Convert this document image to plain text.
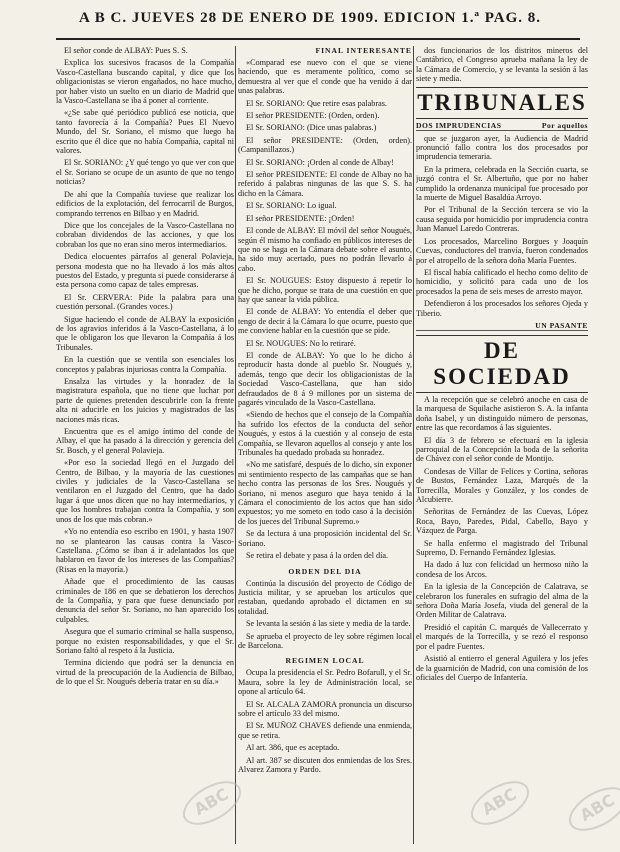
A B C. JUEVES 28 DE ENERO DE 1909. EDICION 1.ª PAG. 8.

El señor conde de ALBAY: Pues S. S.

Explica los sucesivos fracasos de la Compañía Vasco-Castellana buscando capital, y dice que los obligacionistas se vieron engañados, no hace mucho, por haber visto un suelto en un diario de Madrid que la Vasco-Castellana se iba á poner al corriente.

«¿Se sabe qué periódico publicó ese noticia, que tanto favorecía á la Compañía? Pues El Nuevo Mundo, del Sr. Soriano, el mismo que luego ha escrito que él dice que no había Compañía, capital ni valores.

El Sr. SORIANO: ¿Y qué tengo yo que ver con que el Sr. Soriano se ocupe de un asunto de que no tengo noticias?

De ahí que la Compañía tuviese que realizar los edificios de la explotación, del ferrocarril de Burgos, comprando terrenos en Bilbao y en Madrid.

Dice que los concejales de la Vasco-Castellana no cobraban dividendos de las acciones, y que los cobraban los que no eran sino meros intermediarios.

Dedica elocuentes párrafos al general Polavieja, persona modesta que no ha llevado á los más altos puestos del Estado, y pregunta si puede considerarse á esta persona como capaz de tales empresas.

El Sr. CERVERA: Pide la palabra para una cuestión personal. (Grandes voces.)

Sigue haciendo el conde de ALBAY la exposición de los agravios inferidos á la Vasco-Castellana, á lo que le obligaron los que llevaron la Compañía á los Tribunales.

En la cuestión que se ventila son esenciales los conceptos y palabras injuriosas contra la Compañía.

Ensalza las virtudes y la honradez de la magistratura española, que no tiene que luchar por parte de quienes pretenden descubrirle con la frente alta ni aducirle en los juicios y magistrados de las naciones más ricas.

Encuentra que es el amigo íntimo del conde de Albay, el que ha pasado á la dirección y gerencia del Sr. Bosch, y el general Polavieja.

«Por eso la sociedad llegó en el Juzgado del Centro, de Bilbao, y la mayoría de las cuestiones civiles y judiciales de la Vasco-Castellana se ventilaron en el Juzgado del Centro, que ha dado lugar á que unos dicen que no hay intermediarios, y que los hombres trabajan contra la Compañía, y son unos de los que más cobran.»

«Yo no entendía eso escribo en 1901, y hasta 1907 no se plantearon las causas contra la Vasco-Castellana. ¿Cómo se iban á ir adelantados los que hablaron en favor de los intereses de las Compañías? (Risas en la mayoría.)

Añade que el procedimiento de las causas criminales de 186 en que se debatieron los derechos de la Compañía, y para que fuese denunciado por denuncia del señor Sr. Soriano, no han aparecido los culpables.

Asegura que el sumario criminal se halla suspenso, porque no existen responsabilidades, y que el Sr. Soriano faltó al respeto á la Justicia.

Termina diciendo que podrá ser la denuncia en virtud de la preocupación de la Audiencia de Bilbao, de lo que el Sr. Nougués debería tratar en su día.»

FINAL INTERESANTE

«Comparad ese nuevo con el que se viene haciendo, que es meramente político, como se demuestra al ver que el conde que ha venido á dar unas palabras.

El Sr. SORIANO: Que retire esas palabras.

El señor PRESIDENTE: (Orden, orden).

El Sr. SORIANO: (Dice unas palabras.)

El señor PRESIDENTE: (Orden, orden). (Campanillazos.)

El Sr. SORIANO: ¡Orden al conde de Albay!

El señor PRESIDENTE: El conde de Albay no ha referido á palabras ningunas de las que S. S. ha dicho en la Cámara.

El Sr. SORIANO: Lo igual.

El señor PRESIDENTE: ¡Orden!

El conde de ALBAY: El móvil del señor Nougués, según él mismo ha confiado en públicos intereses de que no se haga en la Cámara debate sobre el asunto, ha sido muy acertado, pues no podrán llevarlo á cabo.

El Sr. NOUGUES: Estoy dispuesto á repetir lo que he dicho, porque se trata de una cuestión en que hay que sanear la vida pública.

El conde de ALBAY: Yo entendía el deber que tengo de decir á la Cámara lo que ocurre, puesto que me conviene hablar en la cuestión que se pide.

El Sr. NOUGUES: No lo retiraré.

El conde de ALBAY: Yo que lo he dicho á reproducir hasta donde al pueblo Sr. Nougués y, además, tengo que decir los obligacionistas de la Sociedad Vasco-Castellana, que han sido defraudados de 8 á 9 millones por un sistema de pagarés vinculado de la Vasco-Castellana.

«Siendo de hechos que el consejo de la Compañía ha sufrido los efectos de la conducta del señor Nougués, y estos á la cuestión y al consejo de esta Compañía, se llevaron aquellos al consejo y ante los Tribunales ha quedado probada su honradez.

«No me satisfaré, después de lo dicho, sin exponer mi sentimiento respecto de las campañas que se han hecho contra las personas de los Sres. Nougués y Soriano, ni menos aseguro que haya tenido á la Cámara el conocimiento de los actos que han sido expuestos; yo me someto en todo caso á la decisión de los jueces del Tribunal Supremo.»

Se da lectura á una proposición incidental del Sr. Soriano.

Se retira el debate y pasa á la orden del día.

ORDEN DEL DIA

Continúa la discusión del proyecto de Código de Justicia militar, y se aprueban los artículos que restaban, quedando aprobado el dictamen en su totalidad.

Se levanta la sesión á las siete y media de la tarde.

Se aprueba el proyecto de ley sobre régimen local de Barcelona.

REGIMEN LOCAL

Ocupa la presidencia el Sr. Pedro Bofarull, y el Sr. Maura, sobre la ley de Administración local, se opone al artículo 64.

El Sr. ALCALA ZAMORA pronuncia un discurso sobre el artículo 33 del mismo.

El Sr. MUÑOZ CHAVES defiende una enmienda, que se retira.

Al art. 386, que es aceptado.

Al art. 387 se discuten dos enmiendas de los Sres. Alvarez Zamora y Pardo.

dos funcionarios de los distritos mineros del Cantábrico, el Congreso aprueba mañana la ley de la Cámara de Comercio, y se levanta la sesión á las siete y media.

TRIBUNALES
DOS IMPRUDENCIAS	Por aquellos

que se juzgaron ayer, la Audiencia de Madrid pronunció fallo contra los dos procesados por imprudencia temeraria.

En la primera, celebrada en la Sección cuarta, se juzgó contra el Sr. Albertuño, que por no haber cumplido la ordenanza municipal fue procesado por la muerte de Miguel Basaldúa Arroyo.

Por el Tribunal de la Sección tercera se vio la causa seguida por homicidio por imprudencia contra Juan Manuel Laredo Contreras.

Los procesados, Marcelino Borgues y Joaquín Cuevas, conductores del tranvía, fueron condenados por el atropello de la señora doña María Fuentes.

El fiscal había calificado el hecho como delito de homicidio, y solicitó para cada uno de los procesados la pena de seis meses de arresto mayor.

Defendieron á los procesados los señores Ojeda y Tiberio.

UN PASANTE
DE SOCIEDAD

A la recepción que se celebró anoche en casa de la marquesa de Squilache asistieron S. A. la infanta doña Isabel, y un distinguido número de personas, entre las que recordamos á las siguientes.

El día 3 de febrero se efectuará en la iglesia parroquial de la Concepción la boda de la señorita de Chávez con el señor conde de Montijo.

Condesas de Villar de Felices y Cortina, señoras de Bustos, Fernández Laza, Marqués de la Torrecilla, Morales y González, y los condes de Alcubierre.

Señoritas de Fernández de las Cuevas, López Roca, Bayo, Paredes, Pidal, Cabello, Bayo y Vázquez de Parga.

Se halla enfermo el magistrado del Tribunal Supremo, D. Fernando Fernández Iglesias.

Ha dado á luz con felicidad un hermoso niño la condesa de los Arcos.

En la iglesia de la Concepción de Calatrava, se celebraron los funerales en sufragio del alma de la señora Doña María Josefa, viuda del general de la Orden Militar de Calatrava.

Presidió el capitán C. marqués de Vallecerrato y el marqués de la Torrecilla, y se rezó el responso por el padre Fuentes.

Asistió al entierro el general Aguilera y los jefes de la guarnición de Madrid, con una comisión de los oficiales del Cuerpo de Infantería.

ABC	ABC	ABC
